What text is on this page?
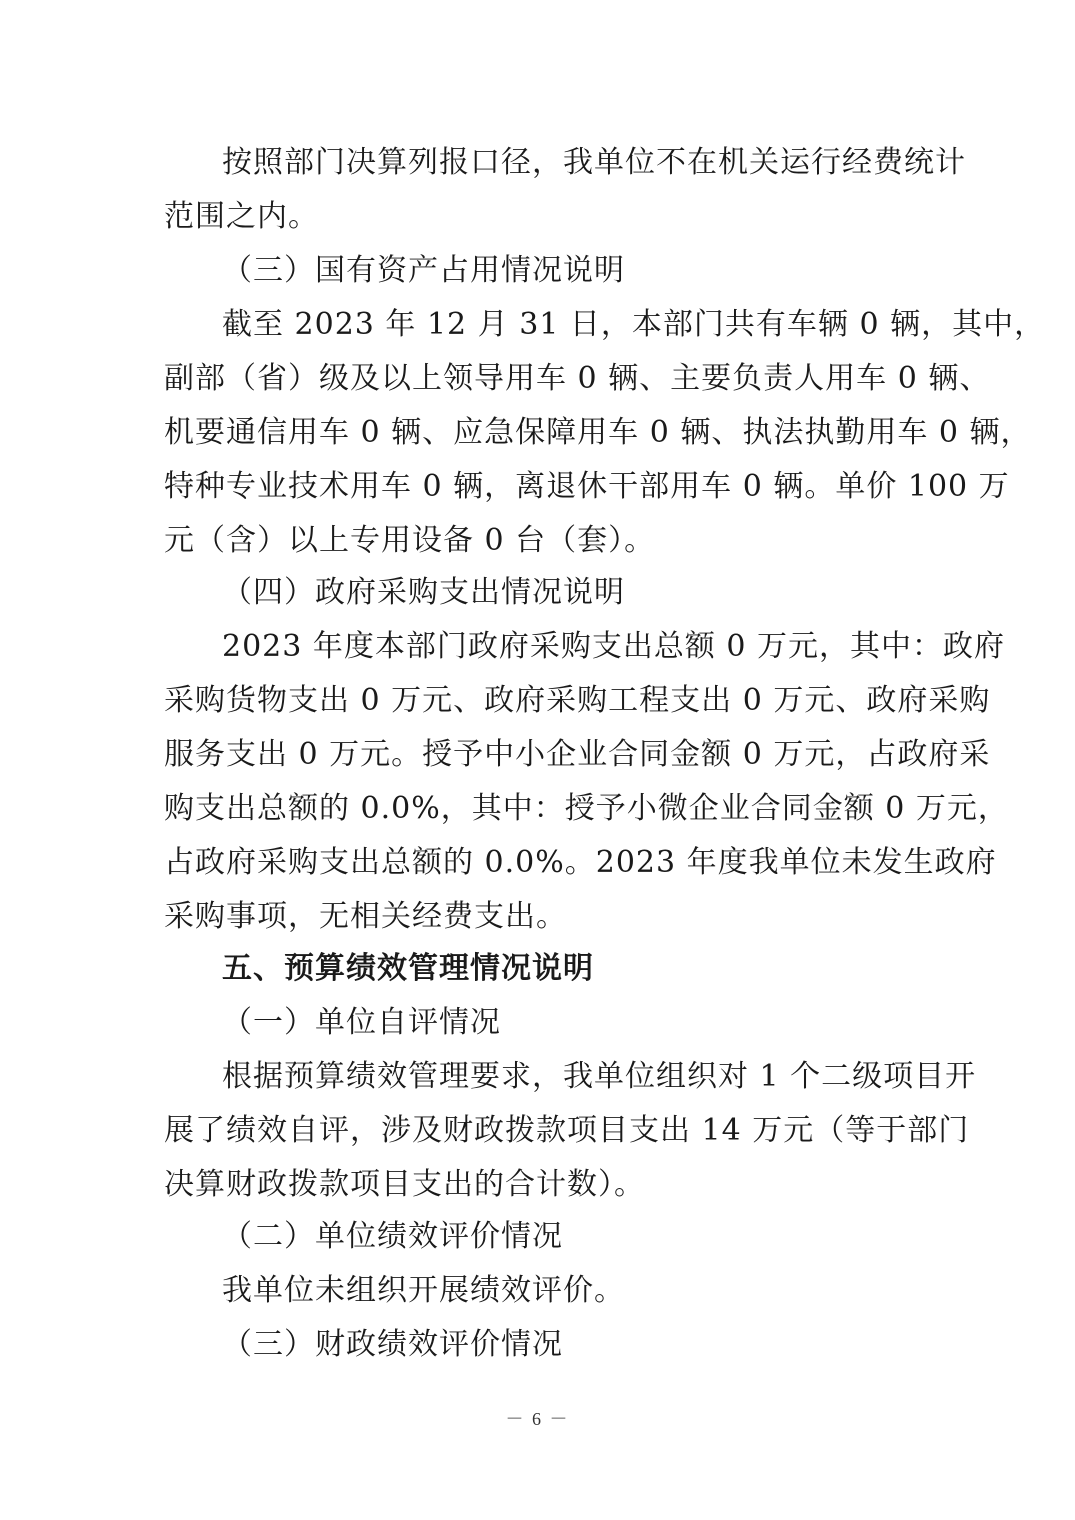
按照部门决算列报口径，我单位不在机关运行经费统计
范围之内。
（三）国有资产占用情况说明
截至 2023 年 12 月 31 日，本部门共有车辆 0 辆，其中，
副部（省）级及以上领导用车 0 辆、主要负责人用车 0 辆、
机要通信用车 0 辆、应急保障用车 0 辆、执法执勤用车 0 辆，
特种专业技术用车 0 辆，离退休干部用车 0 辆。单价 100 万
元（含）以上专用设备 0 台（套）。
（四）政府采购支出情况说明
2023 年度本部门政府采购支出总额 0 万元，其中：政府
采购货物支出 0 万元、政府采购工程支出 0 万元、政府采购
服务支出 0 万元。授予中小企业合同金额 0 万元，占政府采
购支出总额的 0.0%，其中：授予小微企业合同金额 0 万元，
占政府采购支出总额的 0.0%。2023 年度我单位未发生政府
采购事项，无相关经费支出。
五、预算绩效管理情况说明
（一）单位自评情况
根据预算绩效管理要求，我单位组织对 1 个二级项目开
展了绩效自评，涉及财政拨款项目支出 14 万元（等于部门
决算财政拨款项目支出的合计数）。
（二）单位绩效评价情况
我单位未组织开展绩效评价。
（三）财政绩效评价情况
－ 6 －
